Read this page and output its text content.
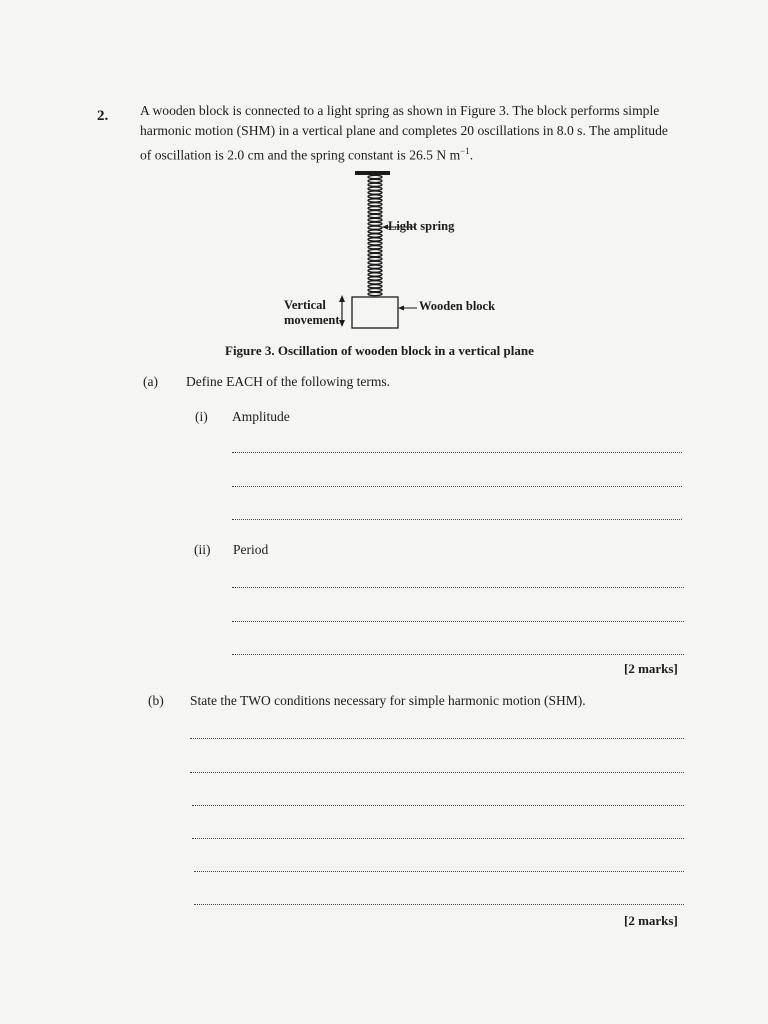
2. A wooden block is connected to a light spring as shown in Figure 3. The block performs simple

harmonic motion (SHM) in a vertical plane and completes 20 oscillations in 8.0 s. The amplitude

of oscillation is 2.0 cm and the spring constant is 26.5 N $m^{-1}$.

Light spring
Wooden block
Vertical
movement
Figure 3. Oscillation of wooden block in a vertical plane
(a) Define EACH of the following terms.
(i) Amplitude
(ii) Period
[2 marks]
(b) State the TWO conditions necessary for simple harmonic motion (SHM).
[2 marks]
